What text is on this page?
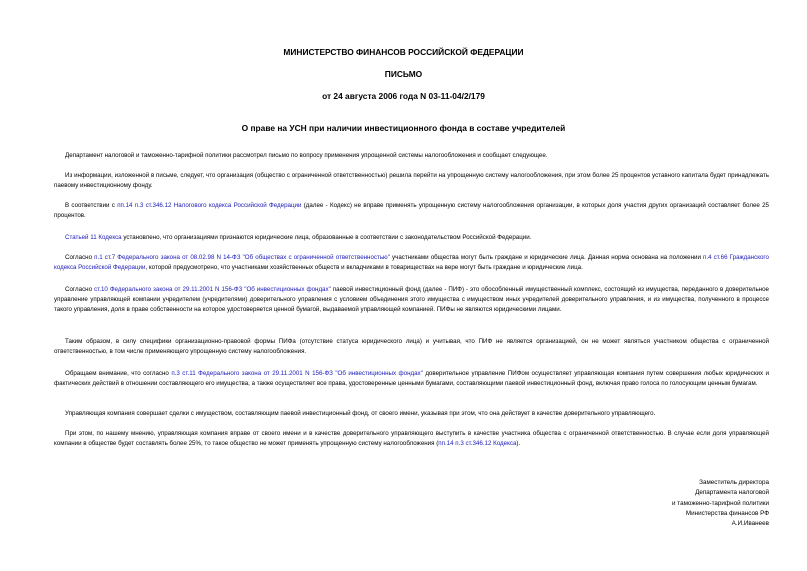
МИНИСТЕРСТВО ФИНАНСОВ РОССИЙСКОЙ ФЕДЕРАЦИИ
ПИСЬМО
от 24 августа 2006 года N 03-11-04/2/179
О праве на УСН при наличии инвестиционного фонда в составе учредителей
Департамент налоговой и таможенно-тарифной политики рассмотрел письмо по вопросу применения упрощенной системы налогообложения и сообщает следующее.
Из информации, изложенной в письме, следует, что организация (общество с ограниченной ответственностью) решила перейти на упрощенную систему налогообложения, при этом более 25 процентов уставного капитала будет принадлежать паевому инвестиционному фонду.
В соответствии с пп.14 п.3 ст.346.12 Налогового кодекса Российской Федерации (далее - Кодекс) не вправе применять упрощенную систему налогообложения организации, в которых доля участия других организаций составляет более 25 процентов.
Статьей 11 Кодекса установлено, что организациями признаются юридические лица, образованные в соответствии с законодательством Российской Федерации.
Согласно п.1 ст.7 Федерального закона от 08.02.98 N 14-ФЗ "Об обществах с ограниченной ответственностью" участниками общества могут быть граждане и юридические лица. Данная норма основана на положении п.4 ст.66 Гражданского кодекса Российской Федерации, которой предусмотрено, что участниками хозяйственных обществ и вкладчиками в товариществах на вере могут быть граждане и юридические лица.
Согласно ст.10 Федерального закона от 29.11.2001 N 156-ФЗ "Об инвестиционных фондах" паевой инвестиционный фонд (далее - ПИФ) - это обособленный имущественный комплекс, состоящий из имущества, переданного в доверительное управление управляющей компании учредителем (учредителями) доверительного управления с условием объединения этого имущества с имуществом иных учредителей доверительного управления, и из имущества, полученного в процессе такого управления, доля в праве собственности на которое удостоверяется ценной бумагой, выдаваемой управляющей компанией. ПИФы не являются юридическими лицами.
Таким образом, в силу специфики организационно-правовой формы ПИФа (отсутствие статуса юридического лица) и учитывая, что ПИФ не является организацией, он не может являться участником общества с ограниченной ответственностью, в том числе применяющего упрощенную систему налогообложения.
Обращаем внимание, что согласно п.3 ст.11 Федерального закона от 29.11.2001 N 156-ФЗ "Об инвестиционных фондах" доверительное управление ПИФом осуществляет управляющая компания путем совершения любых юридических и фактических действий в отношении составляющего его имущества, а также осуществляет все права, удостоверенные ценными бумагами, составляющими паевой инвестиционный фонд, включая право голоса по голосующим ценным бумагам.
Управляющая компания совершает сделки с имуществом, составляющим паевой инвестиционный фонд, от своего имени, указывая при этом, что она действует в качестве доверительного управляющего.
При этом, по нашему мнению, управляющая компания вправе от своего имени и в качестве доверительного управляющего выступить в качестве участника общества с ограниченной ответственностью. В случае если доля управляющей компании в обществе будет составлять более 25%, то такое общество не может применять упрощенную систему налогообложения (пп.14 п.3 ст.346.12 Кодекса).
Заместитель директора
Департамента налоговой
и таможенно-тарифной политики
Министерства финансов РФ
А.И.Иванеев
